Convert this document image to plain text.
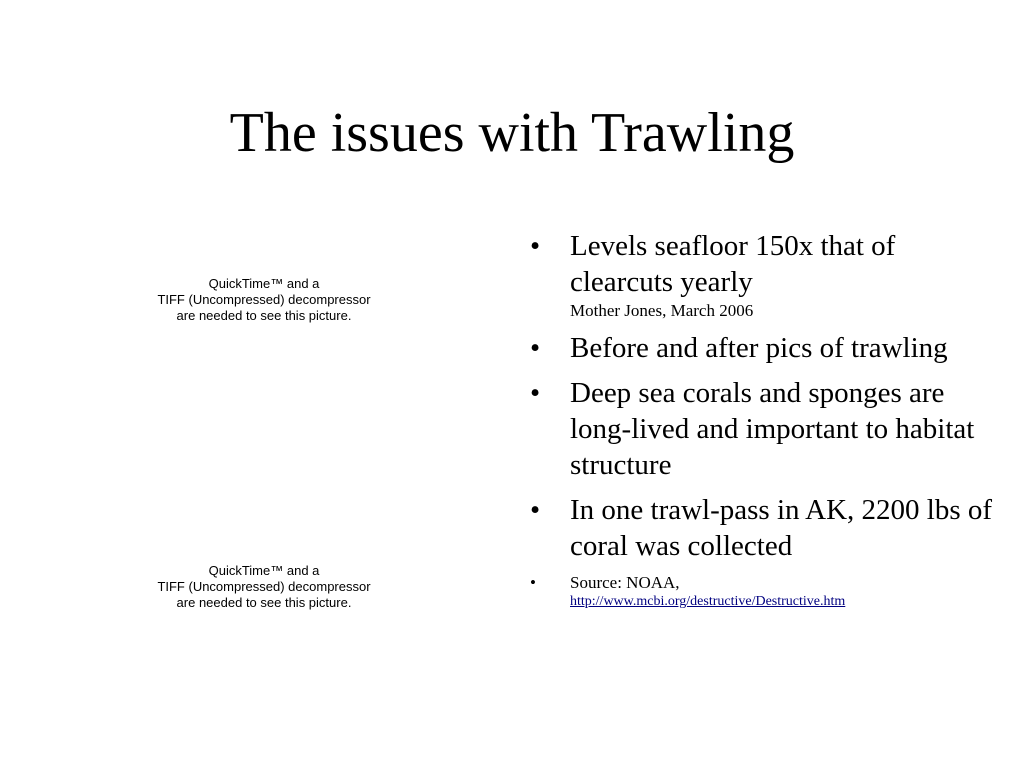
The issues with Trawling
QuickTime™ and a
TIFF (Uncompressed) decompressor
are needed to see this picture.
QuickTime™ and a
TIFF (Uncompressed) decompressor
are needed to see this picture.
• Levels seafloor 150x that of clearcuts yearly
Mother Jones, March 2006
• Before and after pics of trawling
• Deep sea corals and sponges are long-lived and important to habitat structure
• In one trawl-pass in AK, 2200 lbs of coral was collected
• Source: NOAA,
http://www.mcbi.org/destructive/Destructive.htm
